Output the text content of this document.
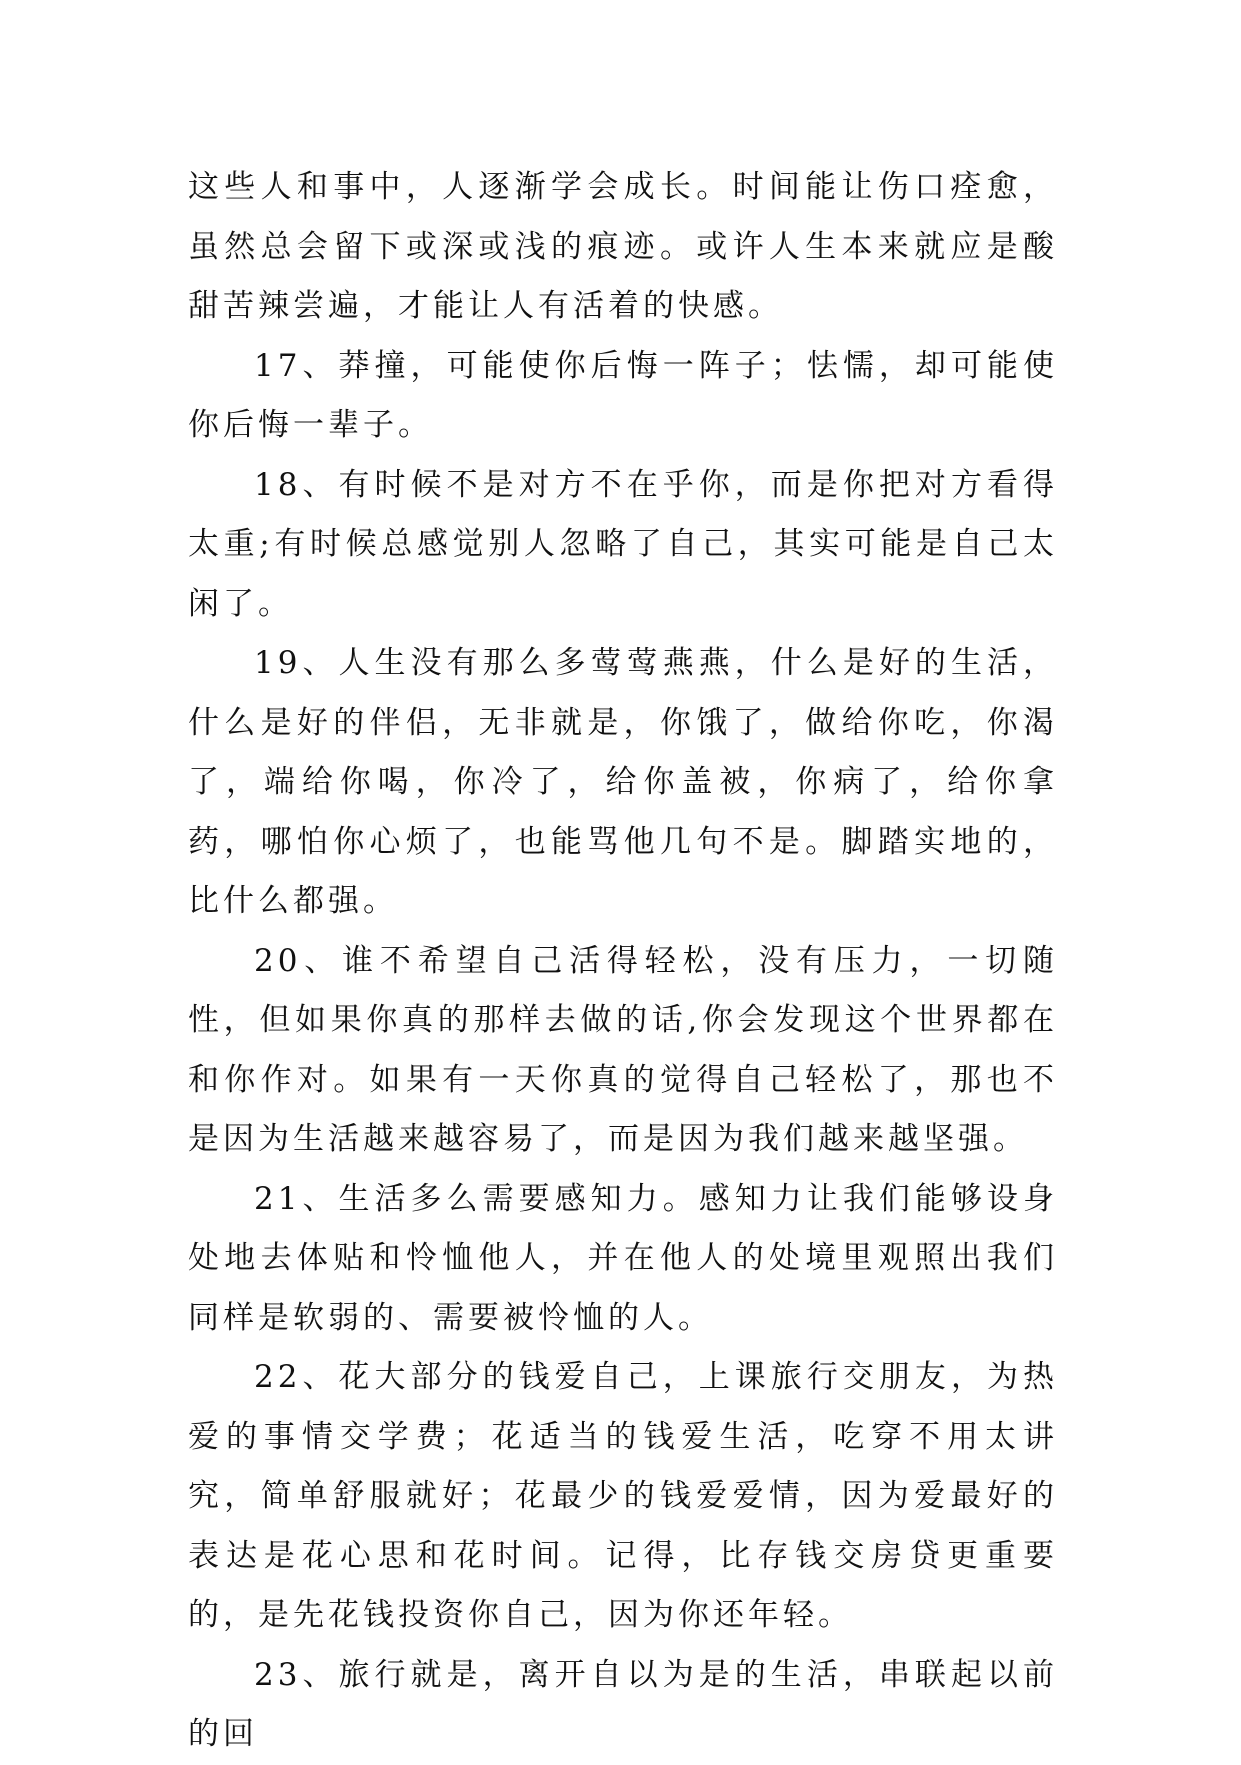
这些人和事中，人逐渐学会成长。时间能让伤口痊愈，虽然总会留下或深或浅的痕迹。或许人生本来就应是酸甜苦辣尝遍，才能让人有活着的快感。

17、莽撞，可能使你后悔一阵子；怯懦，却可能使你后悔一辈子。

18、有时候不是对方不在乎你，而是你把对方看得太重;有时候总感觉别人忽略了自己，其实可能是自己太闲了。

19、人生没有那么多莺莺燕燕，什么是好的生活，什么是好的伴侣，无非就是，你饿了，做给你吃，你渴了，端给你喝，你冷了，给你盖被，你病了，给你拿药，哪怕你心烦了，也能骂他几句不是。脚踏实地的，比什么都强。

20、谁不希望自己活得轻松，没有压力，一切随性，但如果你真的那样去做的话,你会发现这个世界都在和你作对。如果有一天你真的觉得自己轻松了，那也不是因为生活越来越容易了，而是因为我们越来越坚强。

21、生活多么需要感知力。感知力让我们能够设身处地去体贴和怜恤他人，并在他人的处境里观照出我们同样是软弱的、需要被怜恤的人。

22、花大部分的钱爱自己，上课旅行交朋友，为热爱的事情交学费；花适当的钱爱生活，吃穿不用太讲究，简单舒服就好；花最少的钱爱爱情，因为爱最好的表达是花心思和花时间。记得，比存钱交房贷更重要的，是先花钱投资你自己，因为你还年轻。

23、旅行就是，离开自以为是的生活，串联起以前的回
